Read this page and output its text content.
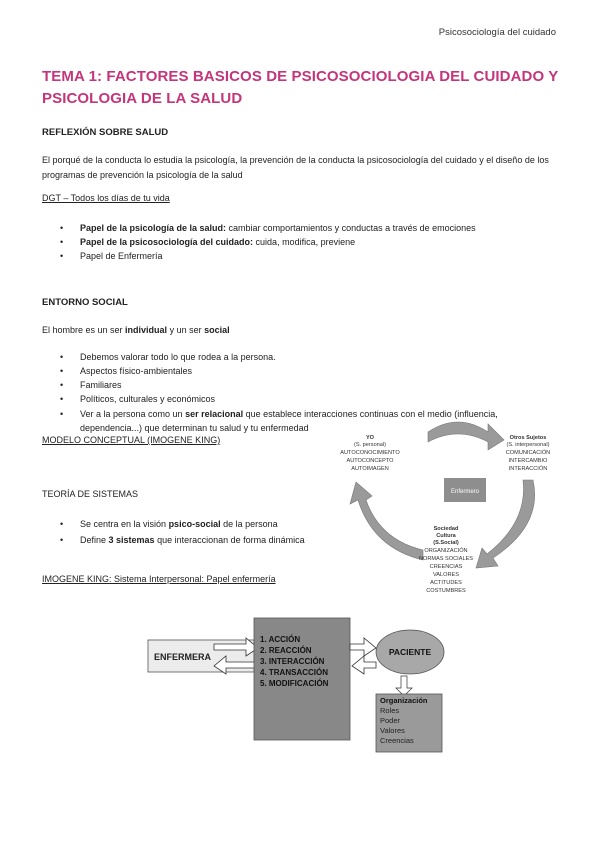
Psicosociología del cuidado
TEMA 1: FACTORES BASICOS DE PSICOSOCIOLOGIA DEL CUIDADO Y PSICOLOGIA DE LA SALUD
REFLEXIÓN SOBRE SALUD
El porqué de la conducta lo estudia la psicología, la prevención de la conducta la psicosociología del cuidado y el diseño de los programas de prevención la psicología de la salud
DGT – Todos los días de tu vida
• Papel de la psicología de la salud: cambiar comportamientos y conductas a través de emociones
• Papel de la psicosociología del cuidado: cuida, modifica, previene
• Papel de Enfermería
ENTORNO SOCIAL
El hombre es un ser individual y un ser social
• Debemos valorar todo lo que rodea a la persona.
• Aspectos físico-ambientales
• Familiares
• Políticos, culturales y económicos
• Ver a la persona como un ser relacional que establece interacciones continuas con el medio (influencia, dependencia...) que determinan tu salud y tu enfermedad
MODELO CONCEPTUAL (IMOGENE KING)
TEORÍA DE SISTEMAS
• Se centra en la visión psico-social de la persona
• Define 3 sistemas que interaccionan de forma dinámica
IMOGENE KING: Sistema Interpersonal: Papel enfermería
Enfermero
YO
(S. personal)
AUTOCONOCIMIENTO
AUTOCONCEPTO
AUTOIMAGEN
Otros Sujetos
(S. interpersonal)
COMUNICACIÓN
INTERCAMBIO
INTERACCIÓN
Sociedad
Cultura
(S.Social)
ORGANIZACIÓN
NORMAS SOCIALES
CREENCIAS
VALORES
ACTITUDES
COSTUMBRES
ENFERMERA
1. ACCIÓN
2. REACCIÓN
3. INTERACCIÓN
4. TRANSACCIÓN
5. MODIFICACIÓN
PACIENTE
Organización
Roles
Poder
Valores
Creencias
